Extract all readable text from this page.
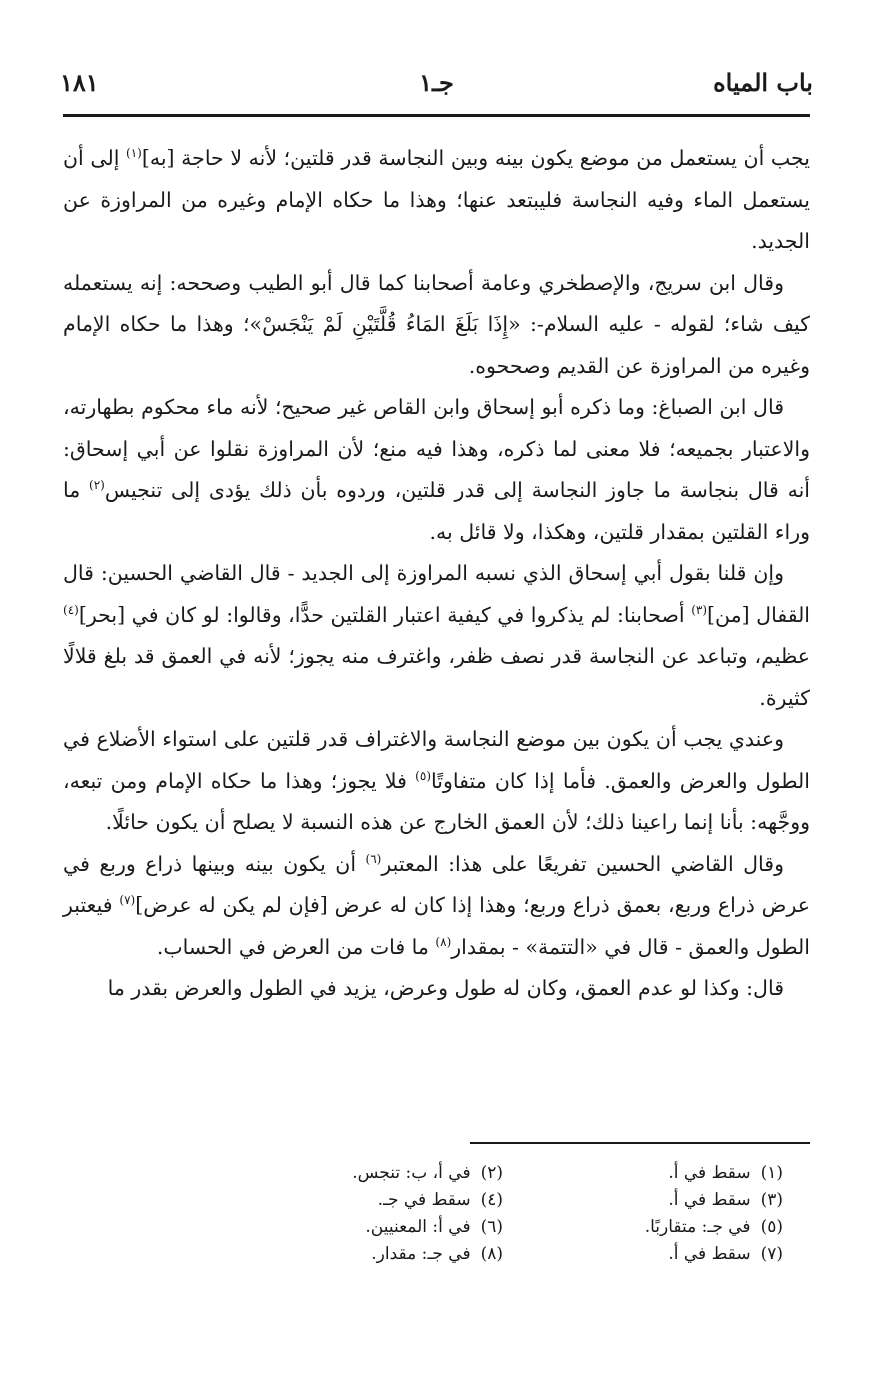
باب المياه
جـ١
١٨١

يجب أن يستعمل من موضع يكون بينه وبين النجاسة قدر قلتين؛ لأنه لا حاجة [به]$^{(١)}$ إلى أن يستعمل الماء وفيه النجاسة فليبتعد عنها؛ وهذا ما حكاه الإمام وغيره من المراوزة عن الجديد.

وقال ابن سريج، والإصطخري وعامة أصحابنا كما قال أبو الطيب وصححه: إنه يستعمله كيف شاء؛ لقوله - عليه السلام-: «إِذَا بَلَغَ المَاءُ قُلَّتَيْنِ لَمْ يَنْجَسْ»؛ وهذا ما حكاه الإمام وغيره من المراوزة عن القديم وصححوه.

قال ابن الصباغ: وما ذكره أبو إسحاق وابن القاص غير صحيح؛ لأنه ماء محكوم بطهارته، والاعتبار بجميعه؛ فلا معنى لما ذكره، وهذا فيه منع؛ لأن المراوزة نقلوا عن أبي إسحاق: أنه قال بنجاسة ما جاوز النجاسة إلى قدر قلتين، وردوه بأن ذلك يؤدى إلى تنجيس$^{(٢)}$ ما وراء القلتين بمقدار قلتين، وهكذا، ولا قائل به.

وإن قلنا بقول أبي إسحاق الذي نسبه المراوزة إلى الجديد - قال القاضي الحسين: قال القفال [من]$^{(٣)}$ أصحابنا: لم يذكروا في كيفية اعتبار القلتين حدًّا، وقالوا: لو كان في [بحر]$^{(٤)}$ عظيم، وتباعد عن النجاسة قدر نصف ظفر، واغترف منه يجوز؛ لأنه في العمق قد بلغ قلالًا كثيرة.

وعندي يجب أن يكون بين موضع النجاسة والاغتراف قدر قلتين على استواء الأضلاع في الطول والعرض والعمق. فأما إذا كان متفاوتًا$^{(٥)}$ فلا يجوز؛ وهذا ما حكاه الإمام ومن تبعه، ووجَّهه: بأنا إنما راعينا ذلك؛ لأن العمق الخارج عن هذه النسبة لا يصلح أن يكون حائلًا.

وقال القاضي الحسين تفريعًا على هذا: المعتبر$^{(٦)}$ أن يكون بينه وبينها ذراع وربع في عرض ذراع وربع، بعمق ذراع وربع؛ وهذا إذا كان له عرض [فإن لم يكن له عرض]$^{(٧)}$ فيعتبر الطول والعمق - قال في «التتمة» - بمقدار$^{(٨)}$ ما فات من العرض في الحساب.

قال: وكذا لو عدم العمق، وكان له طول وعرض، يزيد في الطول والعرض بقدر ما

(١)سقط في أ.
(٢)في أ، ب: تنجس.
(٣)سقط في أ.
(٤)سقط في جـ.
(٥)في جـ: متقاربًا.
(٦)في أ: المعنيين.
(٧)سقط في أ.
(٨)في جـ: مقدار.
